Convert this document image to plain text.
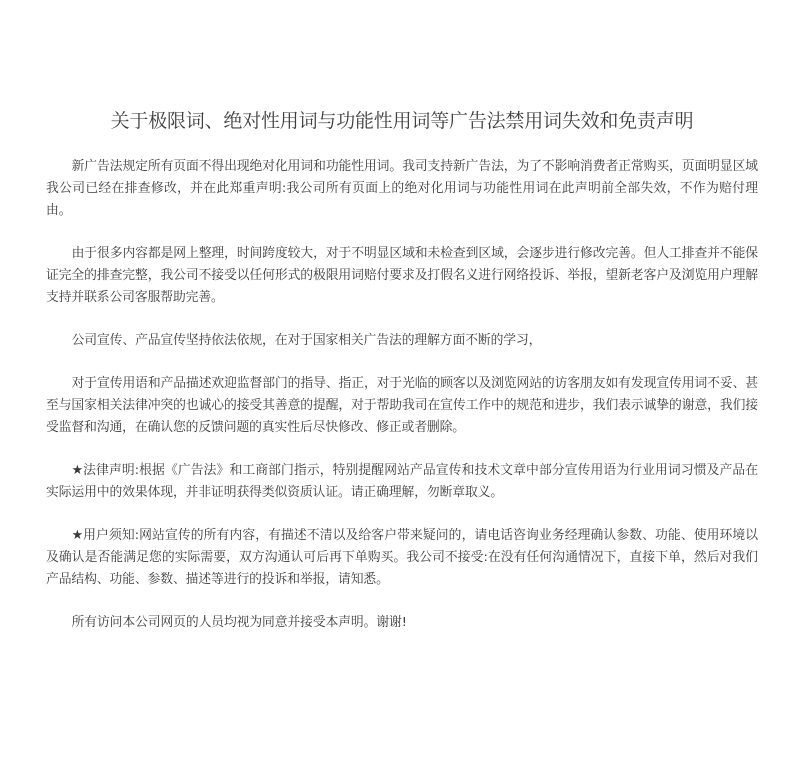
关于极限词、绝对性用词与功能性用词等广告法禁用词失效和免责声明

新广告法规定所有页面不得出现绝对化用词和功能性用词。我司支持新广告法，为了不影响消费者正常购买，页面明显区域我公司已经在排查修改，并在此郑重声明:我公司所有页面上的绝对化用词与功能性用词在此声明前全部失效，不作为赔付理由。

由于很多内容都是网上整理，时间跨度较大，对于不明显区域和未检查到区域，会逐步进行修改完善。但人工排查并不能保证完全的排查完整，我公司不接受以任何形式的极限用词赔付要求及打假名义进行网络投诉、举报，望新老客户及浏览用户理解支持并联系公司客服帮助完善。

公司宣传、产品宣传坚持依法依规，在对于国家相关广告法的理解方面不断的学习，

对于宣传用语和产品描述欢迎监督部门的指导、指正，对于光临的顾客以及浏览网站的访客朋友如有发现宣传用词不妥、甚至与国家相关法律冲突的也诚心的接受其善意的提醒，对于帮助我司在宣传工作中的规范和进步，我们表示诚挚的谢意，我们接受监督和沟通，在确认您的反馈问题的真实性后尽快修改、修正或者删除。

★法律声明:根据《广告法》和工商部门指示，特别提醒网站产品宣传和技术文章中部分宣传用语为行业用词习惯及产品在实际运用中的效果体现，并非证明获得类似资质认证。请正确理解，勿断章取义。

★用户须知:网站宣传的所有内容，有描述不清以及给客户带来疑问的，请电话咨询业务经理确认参数、功能、使用环境以及确认是否能满足您的实际需要，双方沟通认可后再下单购买。我公司不接受:在没有任何沟通情况下，直接下单，然后对我们产品结构、功能、参数、描述等进行的投诉和举报，请知悉。

所有访问本公司网页的人员均视为同意并接受本声明。谢谢!
